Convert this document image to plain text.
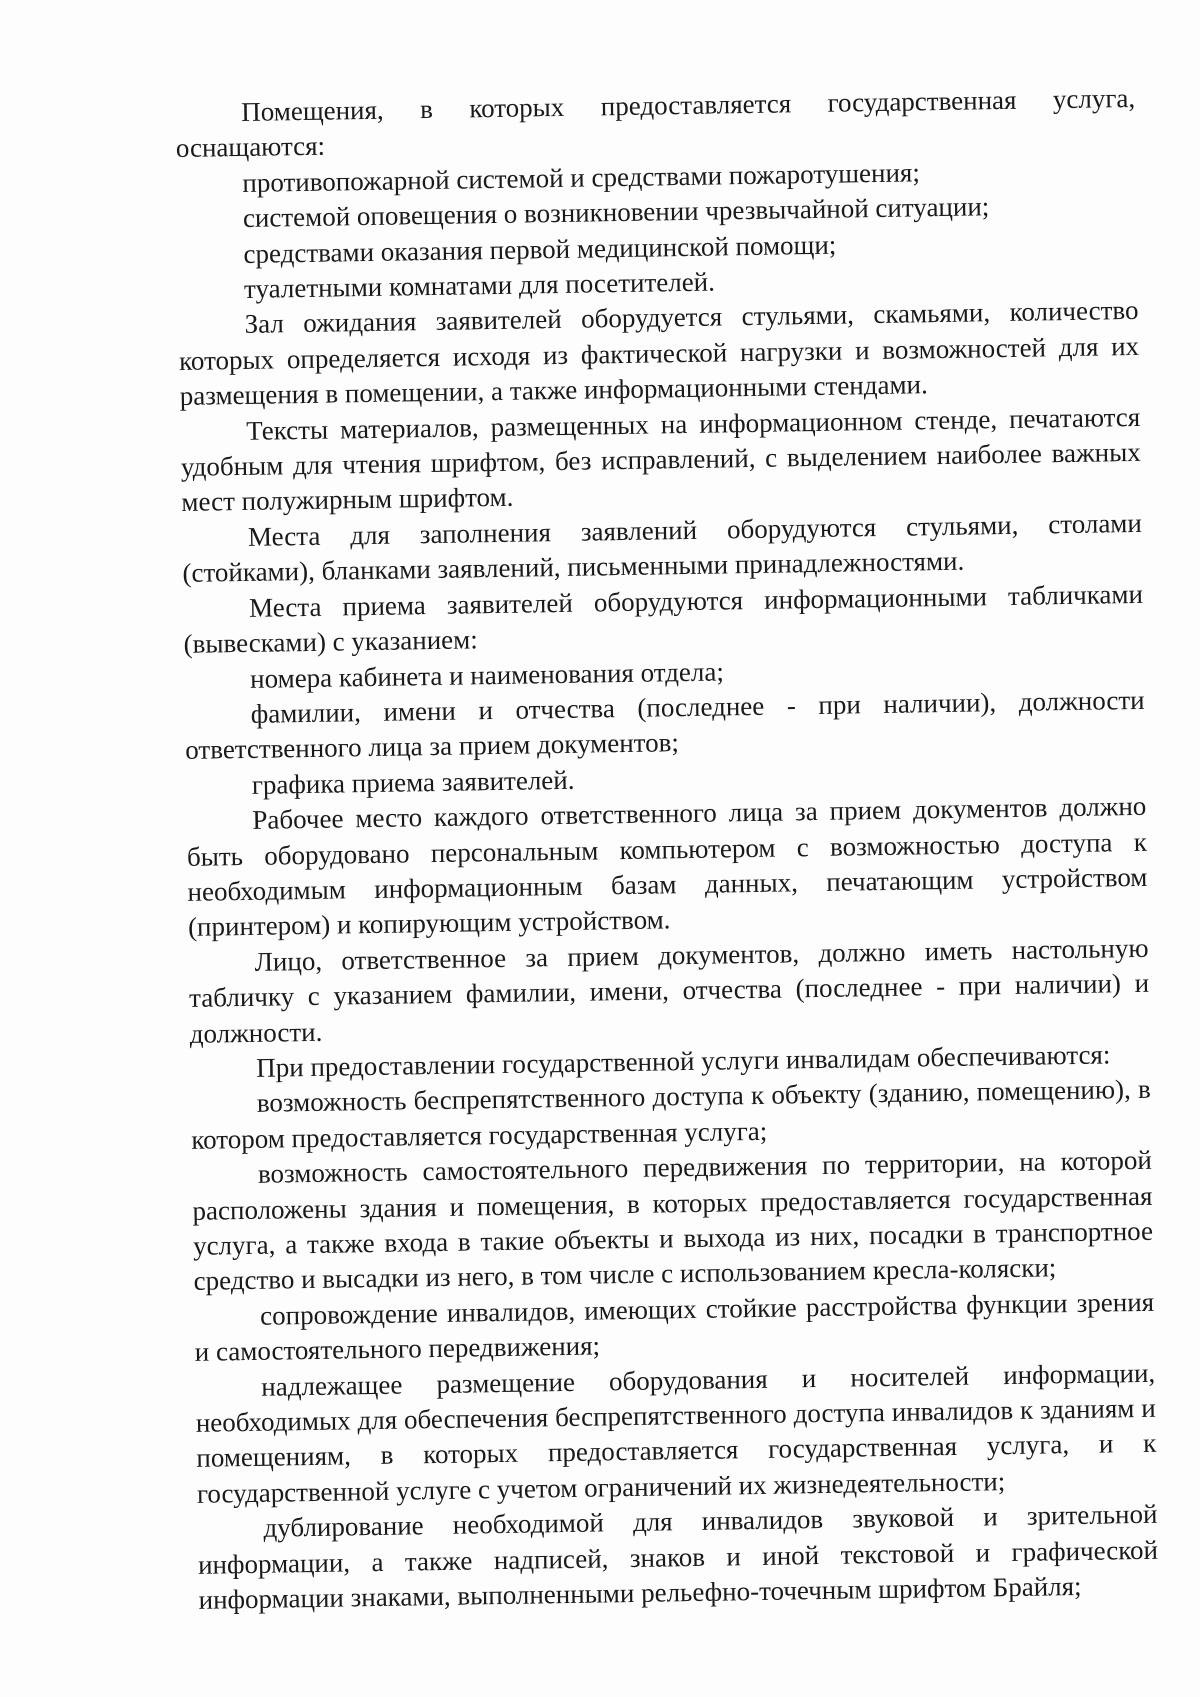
Помещения, в которых предоставляется государственная услуга, оснащаются:

противопожарной системой и средствами пожаротушения;

системой оповещения о возникновении чрезвычайной ситуации;

средствами оказания первой медицинской помощи;

туалетными комнатами для посетителей.

Зал ожидания заявителей оборудуется стульями, скамьями, количество которых определяется исходя из фактической нагрузки и возможностей для их размещения в помещении, а также информационными стендами.

Тексты материалов, размещенных на информационном стенде, печатаются удобным для чтения шрифтом, без исправлений, с выделением наиболее важных мест полужирным шрифтом.

Места для заполнения заявлений оборудуются стульями, столами (стойками), бланками заявлений, письменными принадлежностями.

Места приема заявителей оборудуются информационными табличками (вывесками) с указанием:

номера кабинета и наименования отдела;

фамилии, имени и отчества (последнее - при наличии), должности ответственного лица за прием документов;

графика приема заявителей.

Рабочее место каждого ответственного лица за прием документов должно быть оборудовано персональным компьютером с возможностью доступа к необходимым информационным базам данных, печатающим устройством (принтером) и копирующим устройством.

Лицо, ответственное за прием документов, должно иметь настольную табличку с указанием фамилии, имени, отчества (последнее - при наличии) и должности.

При предоставлении государственной услуги инвалидам обеспечиваются:

возможность беспрепятственного доступа к объекту (зданию, помещению), в котором предоставляется государственная услуга;

возможность самостоятельного передвижения по территории, на которой расположены здания и помещения, в которых предоставляется государственная услуга, а также входа в такие объекты и выхода из них, посадки в транспортное средство и высадки из него, в том числе с использованием кресла-коляски;

сопровождение инвалидов, имеющих стойкие расстройства функции зрения и самостоятельного передвижения;

надлежащее размещение оборудования и носителей информации, необходимых для обеспечения беспрепятственного доступа инвалидов к зданиям и помещениям, в которых предоставляется государственная услуга, и к государственной услуге с учетом ограничений их жизнедеятельности;

дублирование необходимой для инвалидов звуковой и зрительной информации, а также надписей, знаков и иной текстовой и графической информации знаками, выполненными рельефно-точечным шрифтом Брайля;
